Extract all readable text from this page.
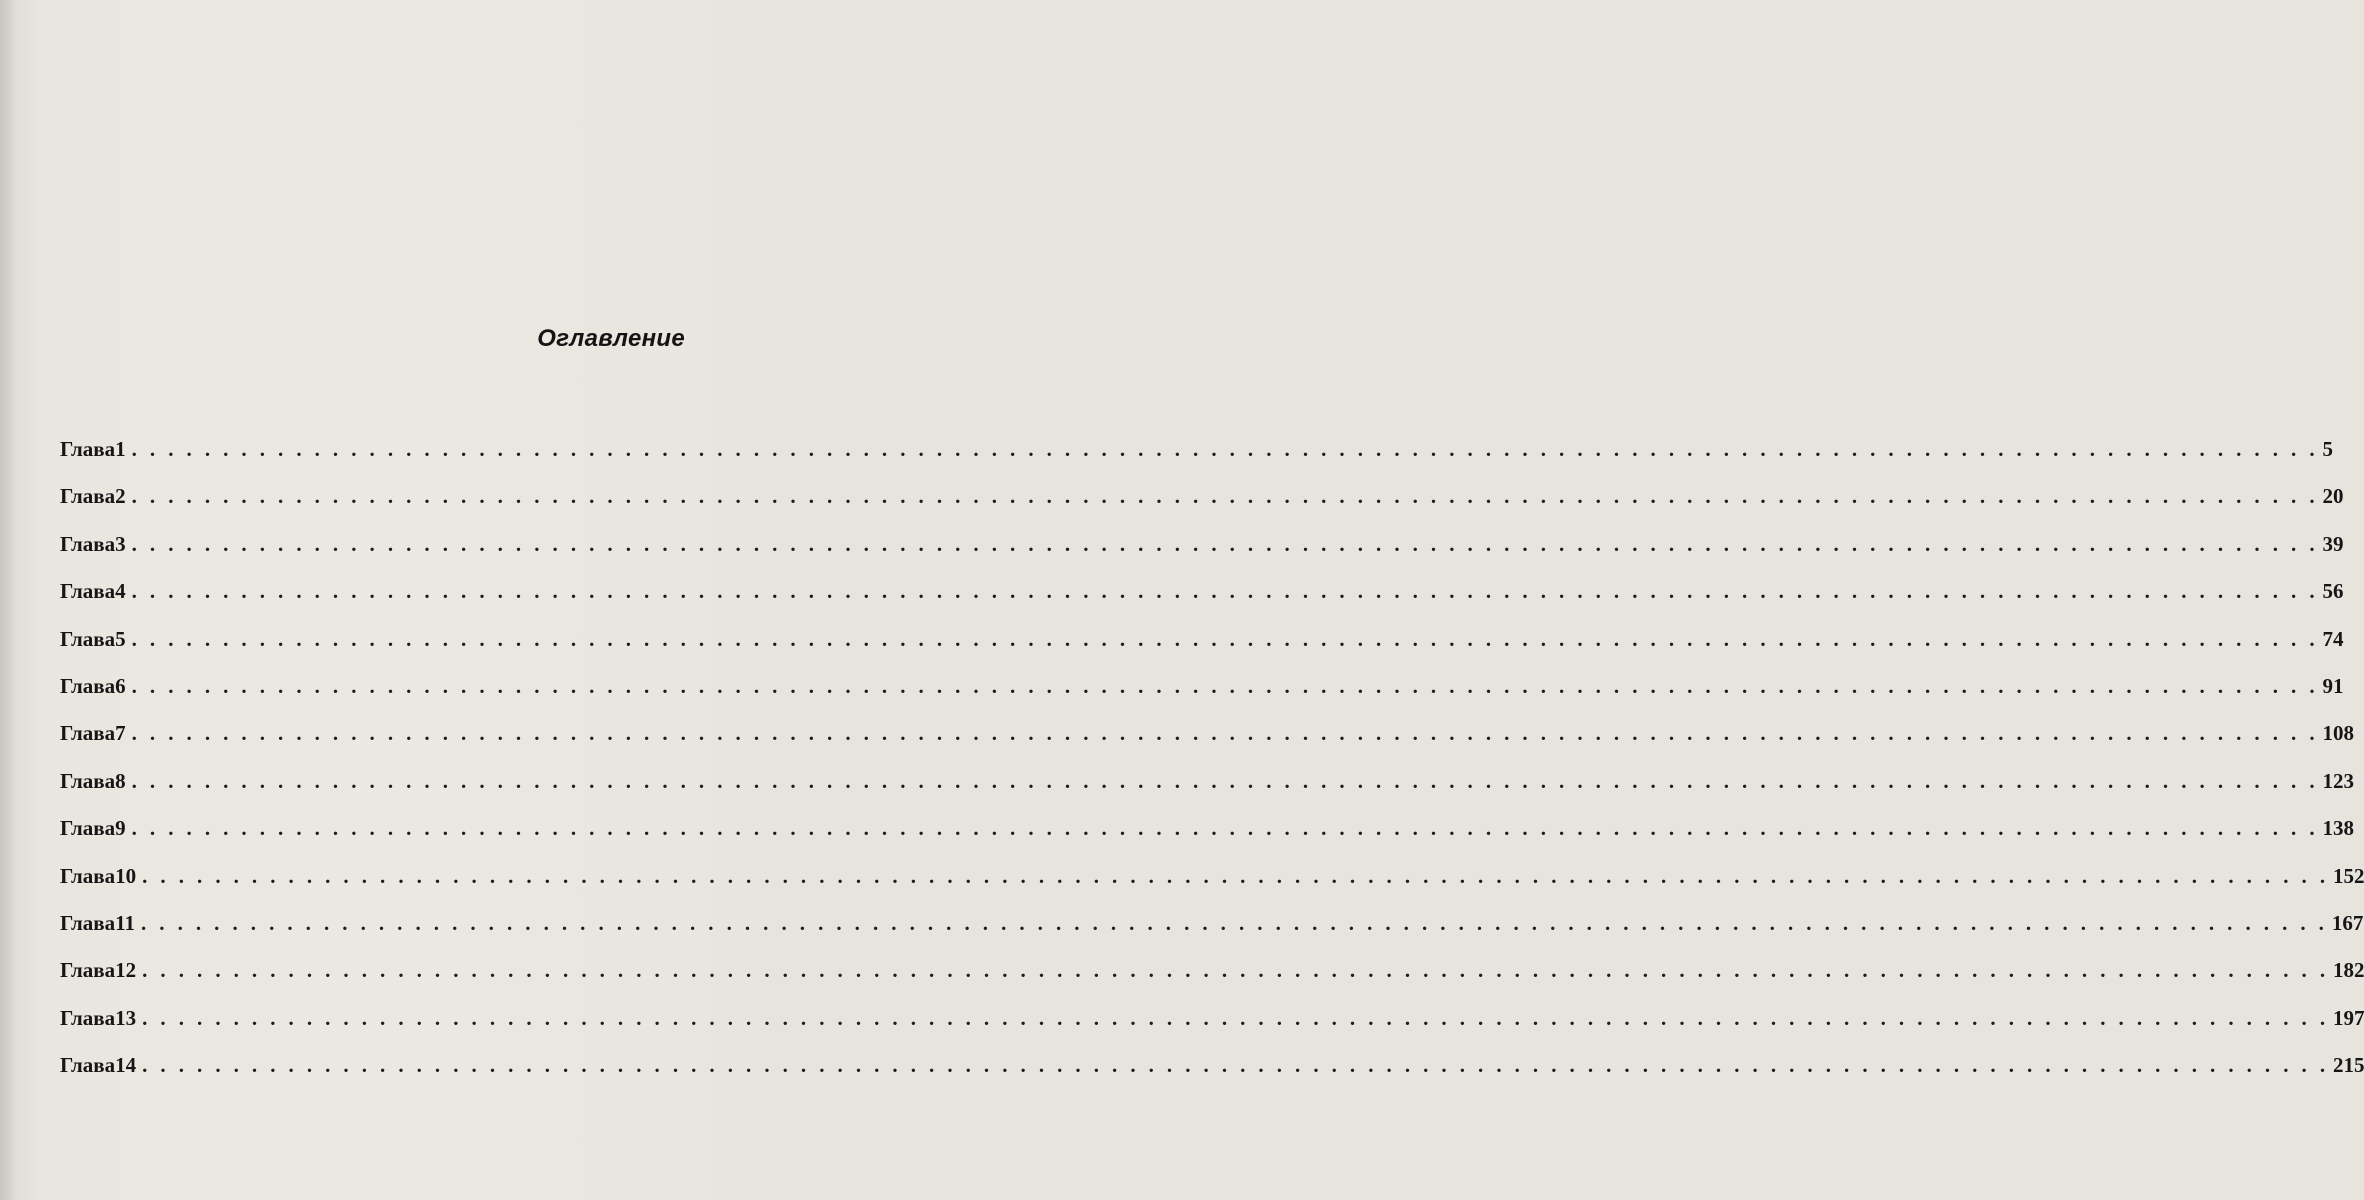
Оглавление
Глава 1 . . . . . . . . . . . . . . . . . . . . . . . . . . . . . . . . . . . . . . . . . . . . . . . . . . . . . . . . . . . . . . . . . . . . . . . . . . . . . . . . . . . . . . . . . . . . . . . . . . . . . . . . . . . . . . . . . . . . . . . . 5
Глава 2 . . . . . . . . . . . . . . . . . . . . . . . . . . . . . . . . . . . . . . . . . . . . . . . . . . . . . . . . . . . . . . . . . . . . . . . . . . . . . . . . . . . . . . . . . . . . . . . . . . . . . . . . . . . . . . . . . . . . . . . . 20
Глава 3 . . . . . . . . . . . . . . . . . . . . . . . . . . . . . . . . . . . . . . . . . . . . . . . . . . . . . . . . . . . . . . . . . . . . . . . . . . . . . . . . . . . . . . . . . . . . . . . . . . . . . . . . . . . . . . . . . . . . . . . . 39
Глава 4 . . . . . . . . . . . . . . . . . . . . . . . . . . . . . . . . . . . . . . . . . . . . . . . . . . . . . . . . . . . . . . . . . . . . . . . . . . . . . . . . . . . . . . . . . . . . . . . . . . . . . . . . . . . . . . . . . . . . . . . . 56
Глава 5 . . . . . . . . . . . . . . . . . . . . . . . . . . . . . . . . . . . . . . . . . . . . . . . . . . . . . . . . . . . . . . . . . . . . . . . . . . . . . . . . . . . . . . . . . . . . . . . . . . . . . . . . . . . . . . . . . . . . . . . . 74
Глава 6 . . . . . . . . . . . . . . . . . . . . . . . . . . . . . . . . . . . . . . . . . . . . . . . . . . . . . . . . . . . . . . . . . . . . . . . . . . . . . . . . . . . . . . . . . . . . . . . . . . . . . . . . . . . . . . . . . . . . . . . . 91
Глава 7 . . . . . . . . . . . . . . . . . . . . . . . . . . . . . . . . . . . . . . . . . . . . . . . . . . . . . . . . . . . . . . . . . . . . . . . . . . . . . . . . . . . . . . . . . . . . . . . . . . . . . . . . . . . . . . . . . . . . . . . . 108
Глава 8 . . . . . . . . . . . . . . . . . . . . . . . . . . . . . . . . . . . . . . . . . . . . . . . . . . . . . . . . . . . . . . . . . . . . . . . . . . . . . . . . . . . . . . . . . . . . . . . . . . . . . . . . . . . . . . . . . . . . . . . . 123
Глава 9 . . . . . . . . . . . . . . . . . . . . . . . . . . . . . . . . . . . . . . . . . . . . . . . . . . . . . . . . . . . . . . . . . . . . . . . . . . . . . . . . . . . . . . . . . . . . . . . . . . . . . . . . . . . . . . . . . . . . . . . . 138
Глава 10 . . . . . . . . . . . . . . . . . . . . . . . . . . . . . . . . . . . . . . . . . . . . . . . . . . . . . . . . . . . . . . . . . . . . . . . . . . . . . . . . . . . . . . . . . . . . . . . . . . . . . . . . . . . . . . . . . . . . . . . . 152
Глава 11 . . . . . . . . . . . . . . . . . . . . . . . . . . . . . . . . . . . . . . . . . . . . . . . . . . . . . . . . . . . . . . . . . . . . . . . . . . . . . . . . . . . . . . . . . . . . . . . . . . . . . . . . . . . . . . . . . . . . . . . . 167
Глава 12 . . . . . . . . . . . . . . . . . . . . . . . . . . . . . . . . . . . . . . . . . . . . . . . . . . . . . . . . . . . . . . . . . . . . . . . . . . . . . . . . . . . . . . . . . . . . . . . . . . . . . . . . . . . . . . . . . . . . . . . . 182
Глава 13 . . . . . . . . . . . . . . . . . . . . . . . . . . . . . . . . . . . . . . . . . . . . . . . . . . . . . . . . . . . . . . . . . . . . . . . . . . . . . . . . . . . . . . . . . . . . . . . . . . . . . . . . . . . . . . . . . . . . . . . . 197
Глава 14 . . . . . . . . . . . . . . . . . . . . . . . . . . . . . . . . . . . . . . . . . . . . . . . . . . . . . . . . . . . . . . . . . . . . . . . . . . . . . . . . . . . . . . . . . . . . . . . . . . . . . . . . . . . . . . . . . . . . . . . . 215
